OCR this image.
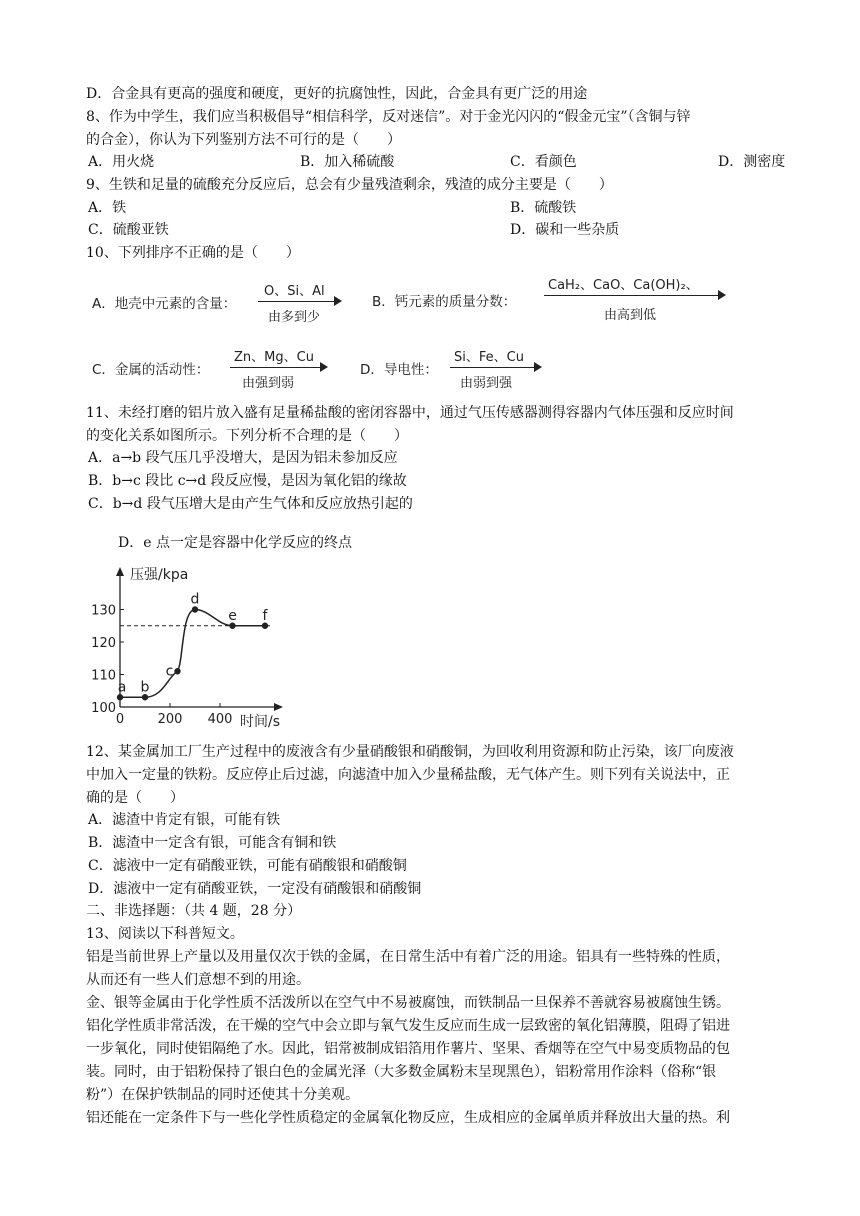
D．合金具有更高的强度和硬度，更好的抗腐蚀性，因此，合金具有更广泛的用途
8、作为中学生，我们应当积极倡导“相信科学，反对迷信”。对于金光闪闪的“假金元宝”（含铜与锌
的合金），你认为下列鉴别方法不可行的是（　　）
A．用火烧	B．加入稀硫酸	C．看颜色	D．测密度
9、生铁和足量的硫酸充分反应后，总会有少量残渣剩余，残渣的成分主要是（　　）
A．铁	B．硫酸铁
C．硫酸亚铁	D．碳和一些杂质
10、下列排序不正确的是（　　）
A．地壳中元素的含量：
O、Si、Al
由多到少
B．钙元素的质量分数：
CaH₂、CaO、Ca(OH)₂、
由高到低
C．金属的活动性：
Zn、Mg、Cu
由强到弱
D．导电性：
Si、Fe、Cu
由弱到强
11、未经打磨的铝片放入盛有足量稀盐酸的密闭容器中，通过气压传感器测得容器内气体压强和反应时间
的变化关系如图所示。下列分析不合理的是（　　）
A．a→b 段气压几乎没增大，是因为铝未参加反应
B．b→c 段比 c→d 段反应慢，是因为氧化铝的缘故
C．b→d 段气压增大是由产生气体和反应放热引起的
D．e 点一定是容器中化学反应的终点
压强/kpa
时间/s
130
120
110
100
0	200 400
a b
c
d
e f
12、某金属加工厂生产过程中的废液含有少量硝酸银和硝酸铜，为回收利用资源和防止污染，该厂向废液
中加入一定量的铁粉。反应停止后过滤，向滤渣中加入少量稀盐酸，无气体产生。则下列有关说法中，正
确的是（　　）
A．滤渣中肯定有银，可能有铁
B．滤渣中一定含有银，可能含有铜和铁
C．滤液中一定有硝酸亚铁，可能有硝酸银和硝酸铜
D．滤液中一定有硝酸亚铁，一定没有硝酸银和硝酸铜
二、非选择题：（共 4 题，28 分）
13、阅读以下科普短文。
铝是当前世界上产量以及用量仅次于铁的金属，在日常生活中有着广泛的用途。铝具有一些特殊的性质，
从而还有一些人们意想不到的用途。
金、银等金属由于化学性质不活泼所以在空气中不易被腐蚀，而铁制品一旦保养不善就容易被腐蚀生锈。
铝化学性质非常活泼，在干燥的空气中会立即与氧气发生反应而生成一层致密的氧化铝薄膜，阻碍了铝进
一步氧化，同时使铝隔绝了水。因此，铝常被制成铝箔用作薯片、坚果、香烟等在空气中易变质物品的包
装。同时，由于铝粉保持了银白色的金属光泽（大多数金属粉末呈现黑色），铝粉常用作涂料（俗称“银
粉”）在保护铁制品的同时还使其十分美观。
铝还能在一定条件下与一些化学性质稳定的金属氧化物反应，生成相应的金属单质并释放出大量的热。利
